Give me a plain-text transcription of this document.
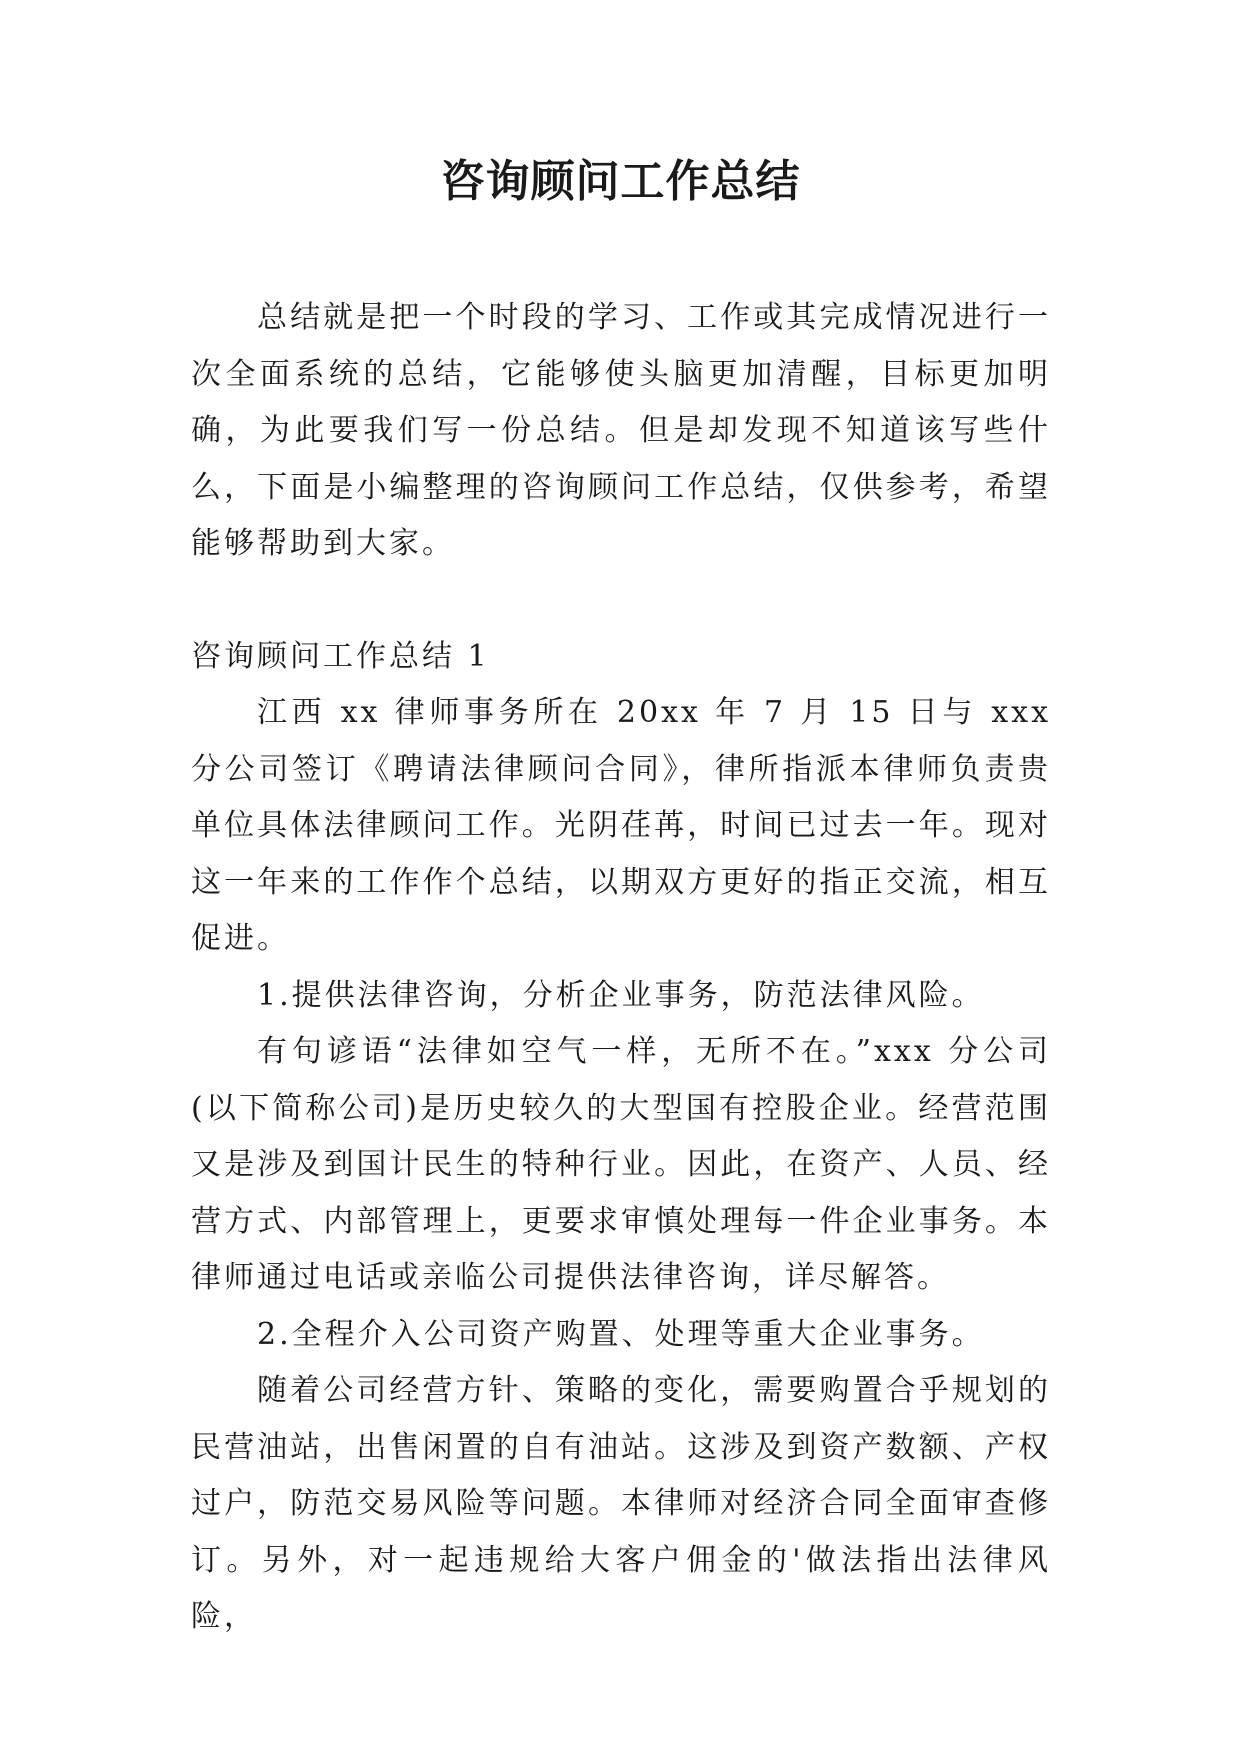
咨询顾问工作总结

总结就是把一个时段的学习、工作或其完成情况进行一次全面系统的总结，它能够使头脑更加清醒，目标更加明确，为此要我们写一份总结。但是却发现不知道该写些什么，下面是小编整理的咨询顾问工作总结，仅供参考，希望能够帮助到大家。

咨询顾问工作总结 1

江西 xx 律师事务所在 20xx 年 7 月 15 日与 xxx 分公司签订《聘请法律顾问合同》，律所指派本律师负责贵单位具体法律顾问工作。光阴荏苒，时间已过去一年。现对这一年来的工作作个总结，以期双方更好的指正交流，相互促进。

1.提供法律咨询，分析企业事务，防范法律风险。

有句谚语“法律如空气一样，无所不在。”xxx 分公司(以下简称公司)是历史较久的大型国有控股企业。经营范围又是涉及到国计民生的特种行业。因此，在资产、人员、经营方式、内部管理上，更要求审慎处理每一件企业事务。本律师通过电话或亲临公司提供法律咨询，详尽解答。

2.全程介入公司资产购置、处理等重大企业事务。

随着公司经营方针、策略的变化，需要购置合乎规划的民营油站，出售闲置的自有油站。这涉及到资产数额、产权过户，防范交易风险等问题。本律师对经济合同全面审查修订。另外，对一起违规给大客户佣金的'做法指出法律风险，
